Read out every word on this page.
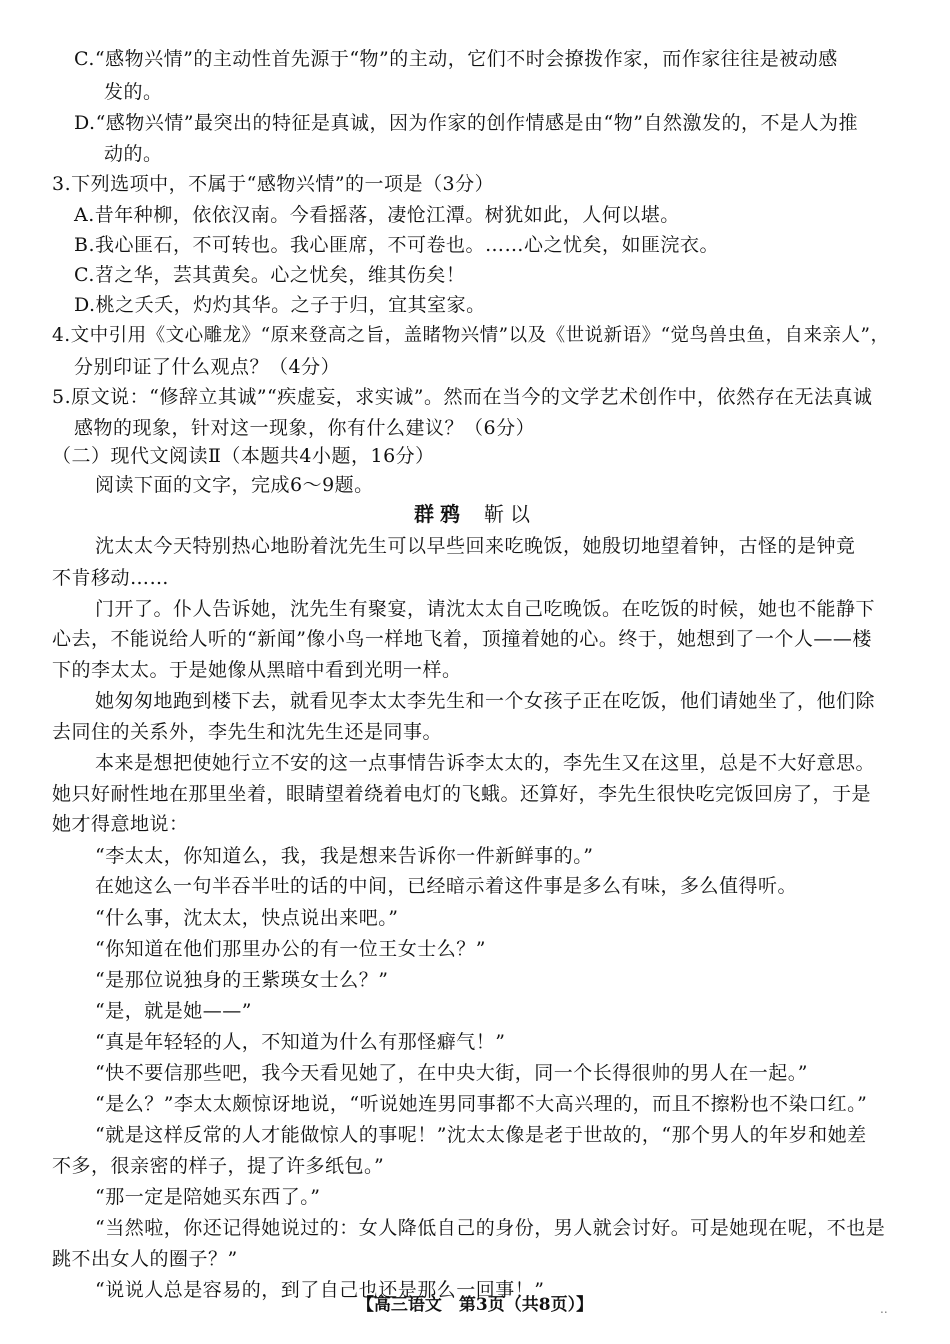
C.“感物兴情”的主动性首先源于“物”的主动，它们不时会撩拨作家，而作家往往是被动感
发的。
D.“感物兴情”最突出的特征是真诚，因为作家的创作情感是由“物”自然激发的，不是人为推
动的。
3.下列选项中，不属于“感物兴情”的一项是（3分）
A.昔年种柳，依依汉南。今看摇落，凄怆江潭。树犹如此，人何以堪。
B.我心匪石，不可转也。我心匪席，不可卷也。……心之忧矣，如匪浣衣。
C.苕之华，芸其黄矣。心之忧矣，维其伤矣！
D.桃之夭夭，灼灼其华。之子于归，宜其室家。
4.文中引用《文心雕龙》“原来登高之旨，盖睹物兴情”以及《世说新语》“觉鸟兽虫鱼，自来亲人”，
分别印证了什么观点？（4分）
5.原文说：“修辞立其诚”“疾虚妄，求实诚”。然而在当今的文学艺术创作中，依然存在无法真诚
感物的现象，针对这一现象，你有什么建议？（6分）
（二）现代文阅读Ⅱ（本题共4小题，16分）
阅读下面的文字，完成6～9题。
群鸦 靳以
沈太太今天特别热心地盼着沈先生可以早些回来吃晚饭，她殷切地望着钟，古怪的是钟竟
不肯移动……
门开了。仆人告诉她，沈先生有聚宴，请沈太太自己吃晚饭。在吃饭的时候，她也不能静下
心去，不能说给人听的“新闻”像小鸟一样地飞着，顶撞着她的心。终于，她想到了一个人——楼
下的李太太。于是她像从黑暗中看到光明一样。
她匆匆地跑到楼下去，就看见李太太李先生和一个女孩子正在吃饭，他们请她坐了，他们除
去同住的关系外，李先生和沈先生还是同事。
本来是想把使她行立不安的这一点事情告诉李太太的，李先生又在这里，总是不大好意思。
她只好耐性地在那里坐着，眼睛望着绕着电灯的飞蛾。还算好，李先生很快吃完饭回房了，于是
她才得意地说：
“李太太，你知道么，我，我是想来告诉你一件新鲜事的。”
在她这么一句半吞半吐的话的中间，已经暗示着这件事是多么有味，多么值得听。
“什么事，沈太太，快点说出来吧。”
“你知道在他们那里办公的有一位王女士么？”
“是那位说独身的王紫瑛女士么？”
“是，就是她——”
“真是年轻轻的人，不知道为什么有那怪癖气！”
“快不要信那些吧，我今天看见她了，在中央大街，同一个长得很帅的男人在一起。”
“是么？”李太太颇惊讶地说，“听说她连男同事都不大高兴理的，而且不擦粉也不染口红。”
“就是这样反常的人才能做惊人的事呢！”沈太太像是老于世故的，“那个男人的年岁和她差
不多，很亲密的样子，提了许多纸包。”
“那一定是陪她买东西了。”
“当然啦，你还记得她说过的：女人降低自己的身份，男人就会讨好。可是她现在呢，不也是
跳不出女人的圈子？”
“说说人总是容易的，到了自己也还是那么一回事！”
【高三语文　第3页（共8页）】	..
